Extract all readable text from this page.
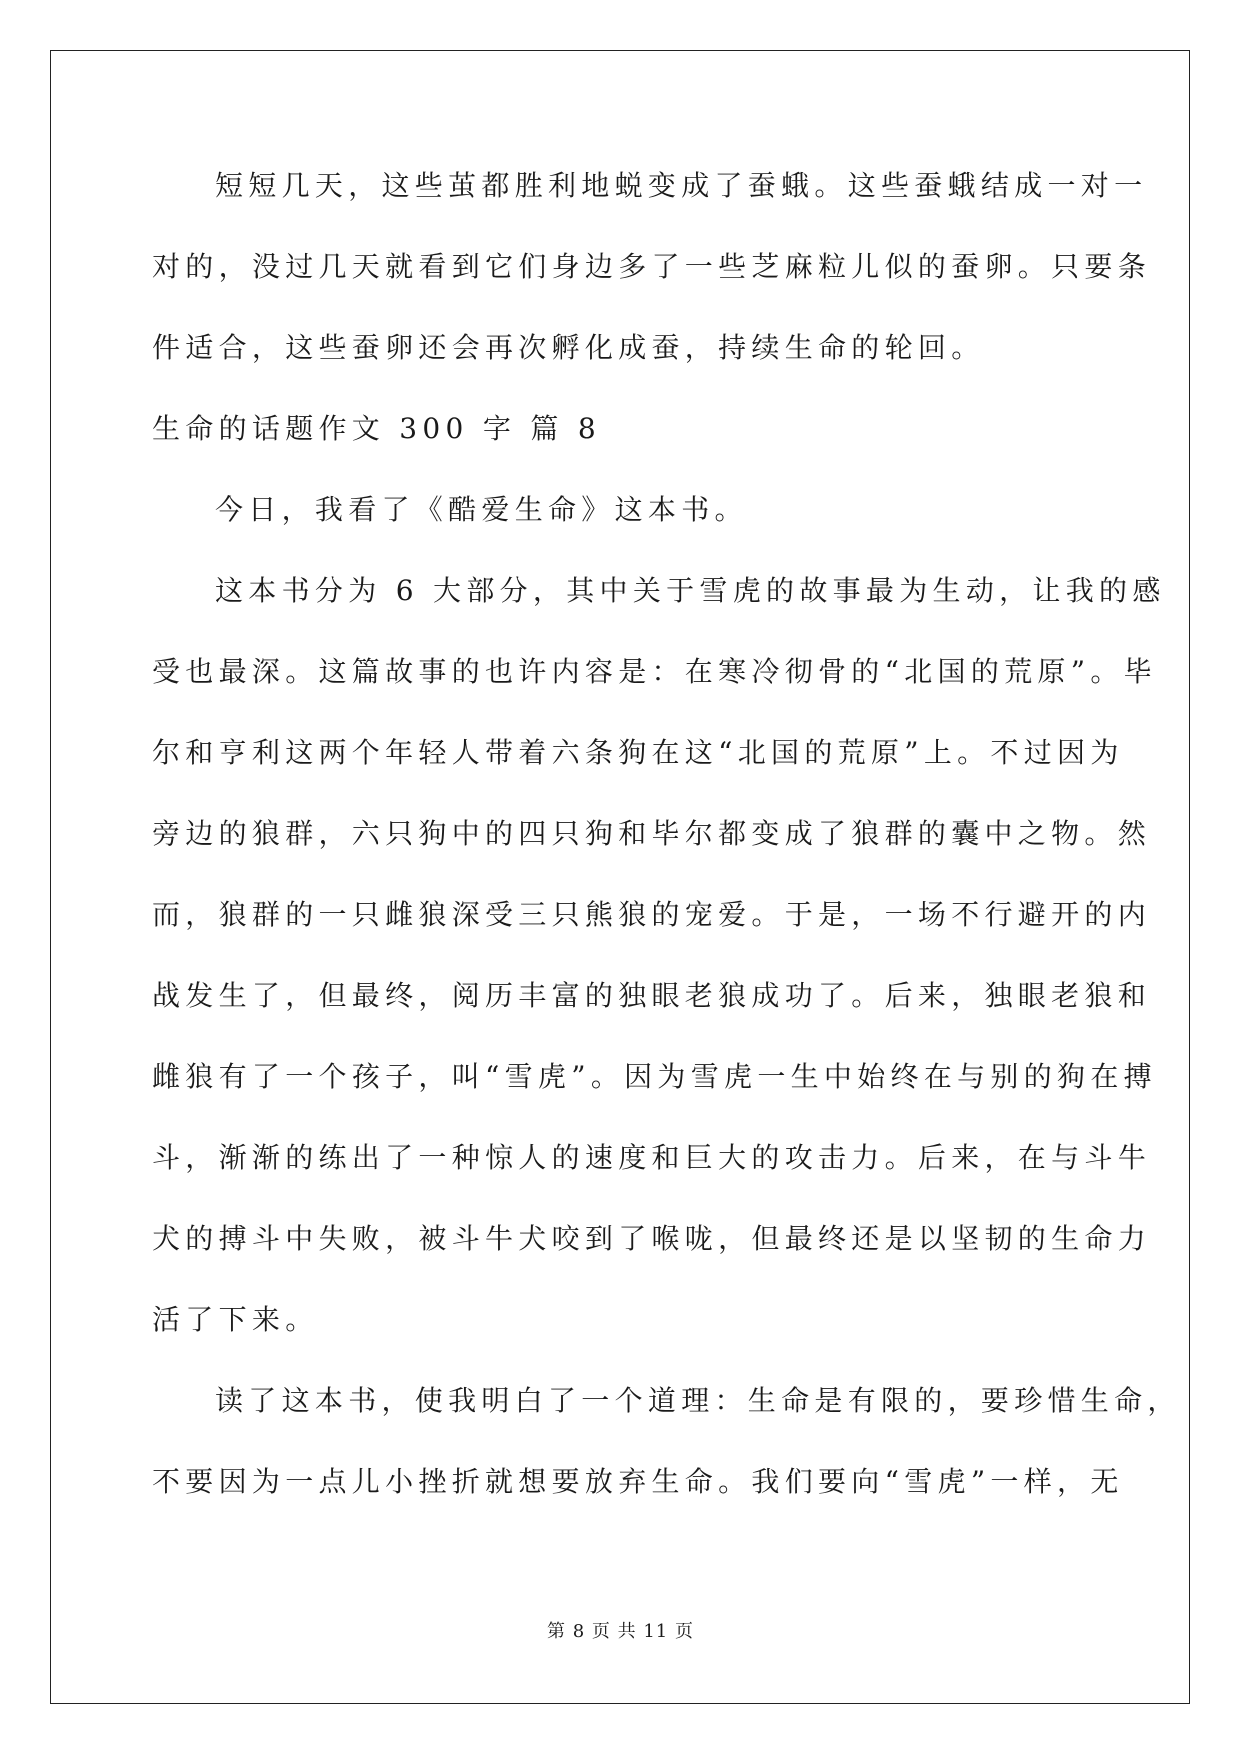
短短几天，这些茧都胜利地蜕变成了蚕蛾。这些蚕蛾结成一对一
对的，没过几天就看到它们身边多了一些芝麻粒儿似的蚕卵。只要条
件适合，这些蚕卵还会再次孵化成蚕，持续生命的轮回。
生命的话题作文 300 字 篇 8
今日，我看了《酷爱生命》这本书。
这本书分为 6 大部分，其中关于雪虎的故事最为生动，让我的感
受也最深。这篇故事的也许内容是：在寒冷彻骨的“北国的荒原”。毕
尔和亨利这两个年轻人带着六条狗在这“北国的荒原”上。不过因为
旁边的狼群，六只狗中的四只狗和毕尔都变成了狼群的囊中之物。然
而，狼群的一只雌狼深受三只熊狼的宠爱。于是，一场不行避开的内
战发生了，但最终，阅历丰富的独眼老狼成功了。后来，独眼老狼和
雌狼有了一个孩子，叫“雪虎”。因为雪虎一生中始终在与别的狗在搏
斗，渐渐的练出了一种惊人的速度和巨大的攻击力。后来，在与斗牛
犬的搏斗中失败，被斗牛犬咬到了喉咙，但最终还是以坚韧的生命力
活了下来。
读了这本书，使我明白了一个道理：生命是有限的，要珍惜生命，
不要因为一点儿小挫折就想要放弃生命。我们要向“雪虎”一样，无
第 8 页 共 11 页
